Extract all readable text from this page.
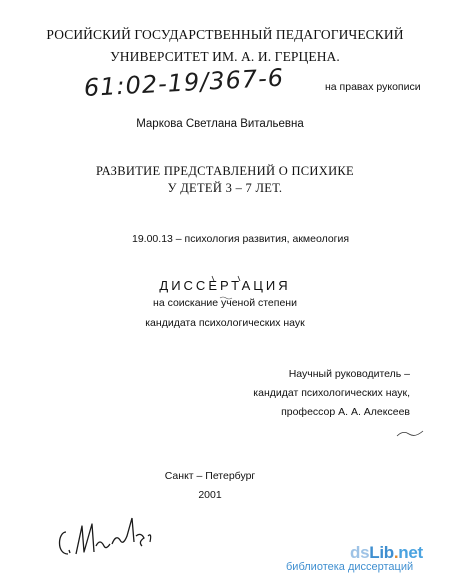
РОСИЙСКИЙ ГОСУДАРСТВЕННЫЙ ПЕДАГОГИЧЕСКИЙ
УНИВЕРСИТЕТ ИМ. А. И. ГЕРЦЕНА.
61:02-19/367-6	на правах рукописи
Маркова Светлана Витальевна
РАЗВИТИЕ ПРЕДСТАВЛЕНИЙ О ПСИХИКЕ
У ДЕТЕЙ 3 – 7 ЛЕТ.
19.00.13 – психология развития, акмеология
ДИССЕРТАЦИЯ
на соискание ученой степени
кандидата психологических наук
Научный руководитель –
кандидат психологических наук,
профессор А. А. Алексеев
Санкт – Петербург
2001
dsLib.net
библиотека диссертаций
